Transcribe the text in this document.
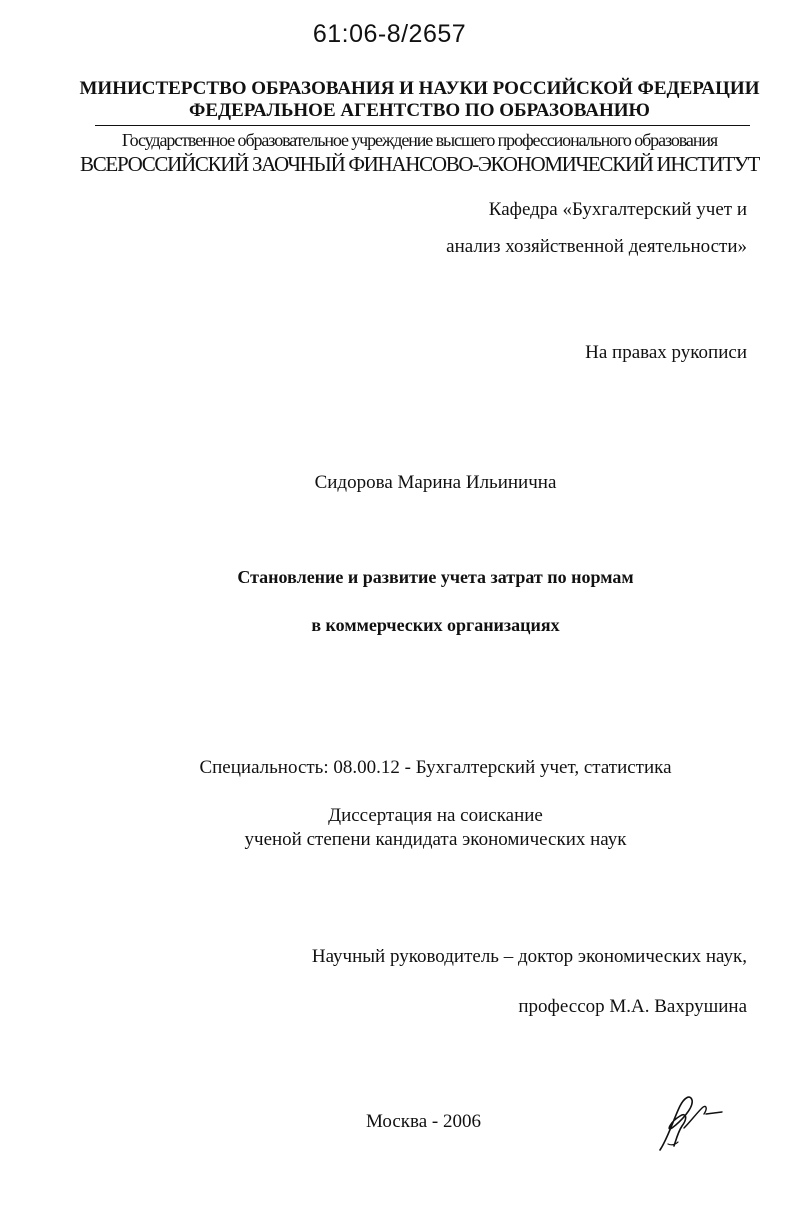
61:06-8/2657
МИНИСТЕРСТВО ОБРАЗОВАНИЯ И НАУКИ РОССИЙСКОЙ ФЕДЕРАЦИИ
ФЕДЕРАЛЬНОЕ АГЕНТСТВО ПО ОБРАЗОВАНИЮ
Государственное образовательное учреждение высшего профессионального образования
ВСЕРОССИЙСКИЙ ЗАОЧНЫЙ ФИНАНСОВО-ЭКОНОМИЧЕСКИЙ ИНСТИТУТ
Кафедра «Бухгалтерский учет и
анализ хозяйственной деятельности»
На правах рукописи
Сидорова Марина Ильинична
Становление и развитие учета затрат по нормам
в коммерческих организациях
Специальность: 08.00.12 - Бухгалтерский учет, статистика
Диссертация на соискание
ученой степени кандидата экономических наук
Научный руководитель – доктор экономических наук,
профессор М.А. Вахрушина
Москва - 2006
